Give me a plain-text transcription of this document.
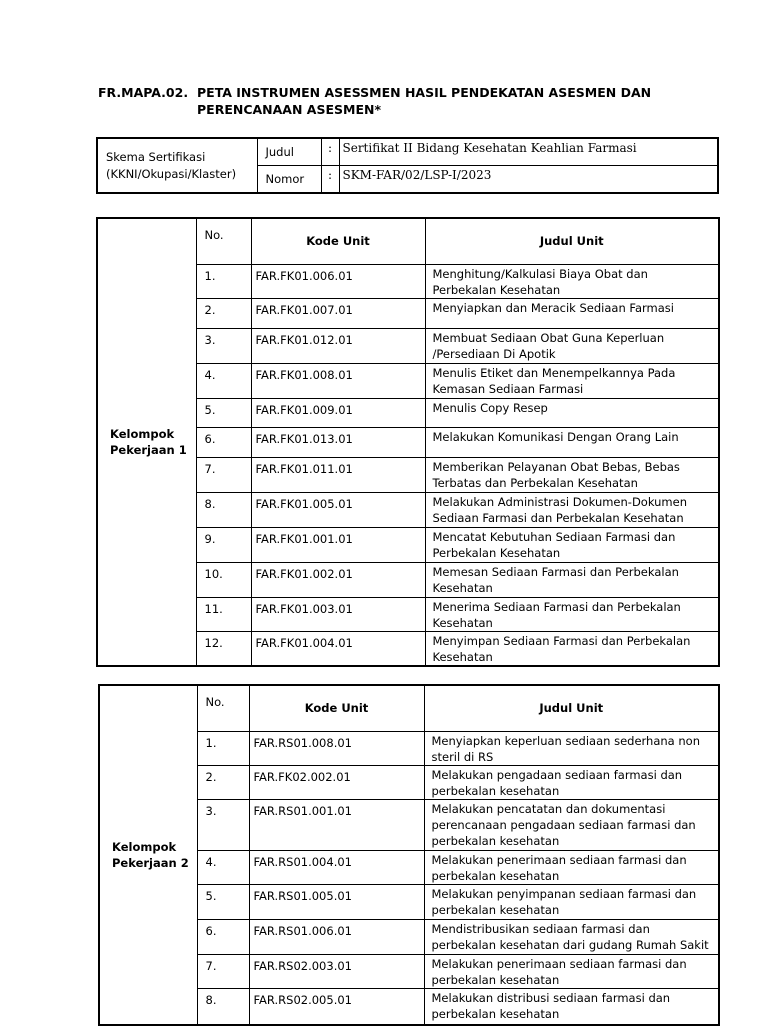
FR.MAPA.02. PETA INSTRUMEN ASESSMEN HASIL PENDEKATAN ASESMEN DAN PERENCANAAN ASESMEN*
Skema Sertifikasi
(KKNI/Okupasi/Klaster)	Judul	:	Sertifikat II Bidang Kesehatan Keahlian Farmasi
	Nomor	:	SKM-FAR/02/LSP-I/2023
Kelompok
Pekerjaan 1	No.	Kode Unit	Judul Unit
	1.	FAR.FK01.006.01	Menghitung/Kalkulasi Biaya Obat dan Perbekalan Kesehatan
	2.	FAR.FK01.007.01	Menyiapkan dan Meracik Sediaan Farmasi
	3.	FAR.FK01.012.01	Membuat Sediaan Obat Guna Keperluan /Persediaan Di Apotik
	4.	FAR.FK01.008.01	Menulis Etiket dan Menempelkannya Pada Kemasan Sediaan Farmasi
	5.	FAR.FK01.009.01	Menulis Copy Resep
	6.	FAR.FK01.013.01	Melakukan Komunikasi Dengan Orang Lain
	7.	FAR.FK01.011.01	Memberikan Pelayanan Obat Bebas, Bebas Terbatas dan Perbekalan Kesehatan
	8.	FAR.FK01.005.01	Melakukan Administrasi Dokumen-Dokumen Sediaan Farmasi dan Perbekalan Kesehatan
	9.	FAR.FK01.001.01	Mencatat Kebutuhan Sediaan Farmasi dan Perbekalan Kesehatan
	10.	FAR.FK01.002.01	Memesan Sediaan Farmasi dan Perbekalan Kesehatan
	11.	FAR.FK01.003.01	Menerima Sediaan Farmasi dan Perbekalan Kesehatan
	12.	FAR.FK01.004.01	Menyimpan Sediaan Farmasi dan Perbekalan Kesehatan
Kelompok
Pekerjaan 2	No.	Kode Unit	Judul Unit
	1.	FAR.RS01.008.01	Menyiapkan keperluan sediaan sederhana non steril di RS
	2.	FAR.FK02.002.01	Melakukan pengadaan sediaan farmasi dan perbekalan kesehatan
	3.	FAR.RS01.001.01	Melakukan pencatatan dan dokumentasi perencanaan pengadaan sediaan farmasi dan perbekalan kesehatan
	4.	FAR.RS01.004.01	Melakukan penerimaan sediaan farmasi dan perbekalan kesehatan
	5.	FAR.RS01.005.01	Melakukan penyimpanan sediaan farmasi dan perbekalan kesehatan
	6.	FAR.RS01.006.01	Mendistribusikan sediaan farmasi dan perbekalan kesehatan dari gudang Rumah Sakit
	7.	FAR.RS02.003.01	Melakukan penerimaan sediaan farmasi dan perbekalan kesehatan
	8.	FAR.RS02.005.01	Melakukan distribusi sediaan farmasi dan perbekalan kesehatan
